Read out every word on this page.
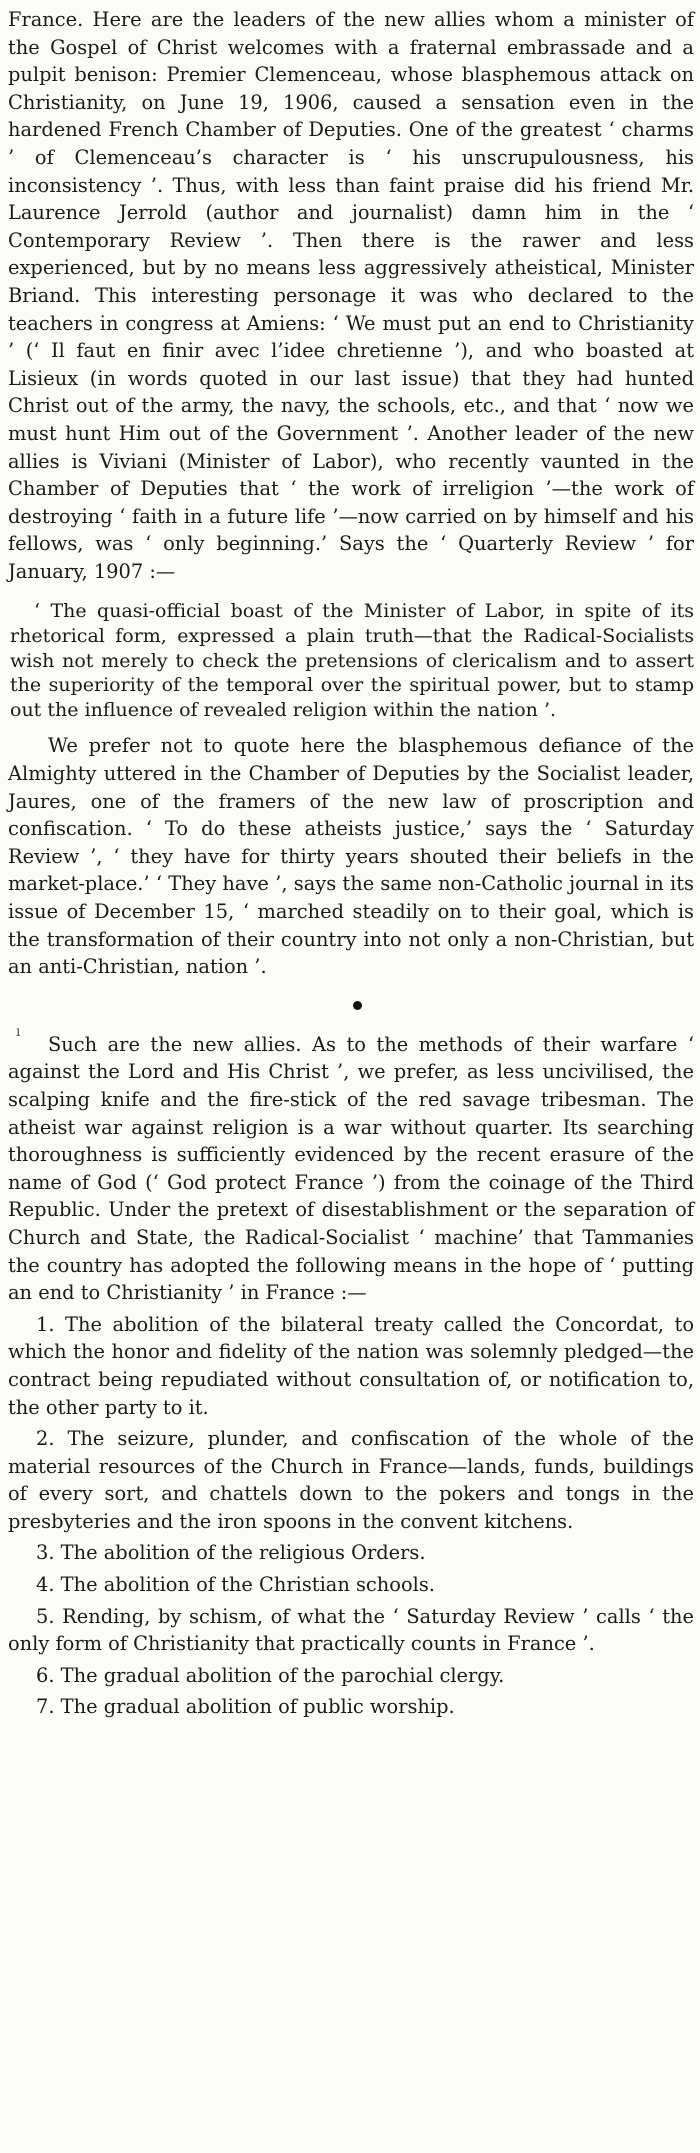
France. Here are the leaders of the new allies whom a minister of the Gospel of Christ welcomes with a fraternal embrassade and a pulpit benison: Premier Clemenceau, whose blasphemous attack on Christianity, on June 19, 1906, caused a sensation even in the hardened French Chamber of Deputies. One of the greatest ‘ charms ’ of Clemenceau’s character is ‘ his unscrupulousness, his inconsistency ’. Thus, with less than faint praise did his friend Mr. Laurence Jerrold (author and journalist) damn him in the ‘ Contemporary Review ’. Then there is the rawer and less experienced, but by no means less aggressively atheistical, Minister Briand. This interesting personage it was who declared to the teachers in congress at Amiens: ‘ We must put an end to Christianity ’ (‘ Il faut en finir avec l’idee chretienne ’), and who boasted at Lisieux (in words quoted in our last issue) that they had hunted Christ out of the army, the navy, the schools, etc., and that ‘ now we must hunt Him out of the Government ’. Another leader of the new allies is Viviani (Minister of Labor), who recently vaunted in the Chamber of Deputies that ‘ the work of irreligion ’—the work of destroying ‘ faith in a future life ’—now carried on by himself and his fellows, was ‘ only beginning.’ Says the ‘ Quarterly Review ’ for January, 1907 :—

‘ The quasi-official boast of the Minister of Labor, in spite of its rhetorical form, expressed a plain truth—that the Radical-Socialists wish not merely to check the pretensions of clericalism and to assert the superiority of the temporal over the spiritual power, but to stamp out the influence of revealed religion within the nation ’.

We prefer not to quote here the blasphemous defiance of the Almighty uttered in the Chamber of Deputies by the Socialist leader, Jaures, one of the framers of the new law of proscription and confiscation. ‘ To do these atheists justice,’ says the ‘ Saturday Review ’, ‘ they have for thirty years shouted their beliefs in the market-place.’ ‘ They have ’, says the same non-Catholic journal in its issue of December 15, ‘ marched steadily on to their goal, which is the transformation of their country into not only a non-Christian, but an anti-Christian, nation ’.

ı

Such are the new allies. As to the methods of their warfare ‘ against the Lord and His Christ ’, we prefer, as less uncivilised, the scalping knife and the fire-stick of the red savage tribesman. The atheist war against religion is a war without quarter. Its searching thoroughness is sufficiently evidenced by the recent erasure of the name of God (‘ God protect France ’) from the coinage of the Third Republic. Under the pretext of disestablishment or the separation of Church and State, the Radical-Socialist ‘ machine’ that Tammanies the country has adopted the following means in the hope of ‘ putting an end to Christianity ’ in France :—

1. The abolition of the bilateral treaty called the Concordat, to which the honor and fidelity of the nation was solemnly pledged—the contract being repudiated without consultation of, or notification to, the other party to it.

2. The seizure, plunder, and confiscation of the whole of the material resources of the Church in France—lands, funds, buildings of every sort, and chattels down to the pokers and tongs in the presbyteries and the iron spoons in the convent kitchens.

3. The abolition of the religious Orders.

4. The abolition of the Christian schools.

5. Rending, by schism, of what the ‘ Saturday Review ’ calls ‘ the only form of Christianity that practically counts in France ’.

6. The gradual abolition of the parochial clergy.

7. The gradual abolition of public worship.
